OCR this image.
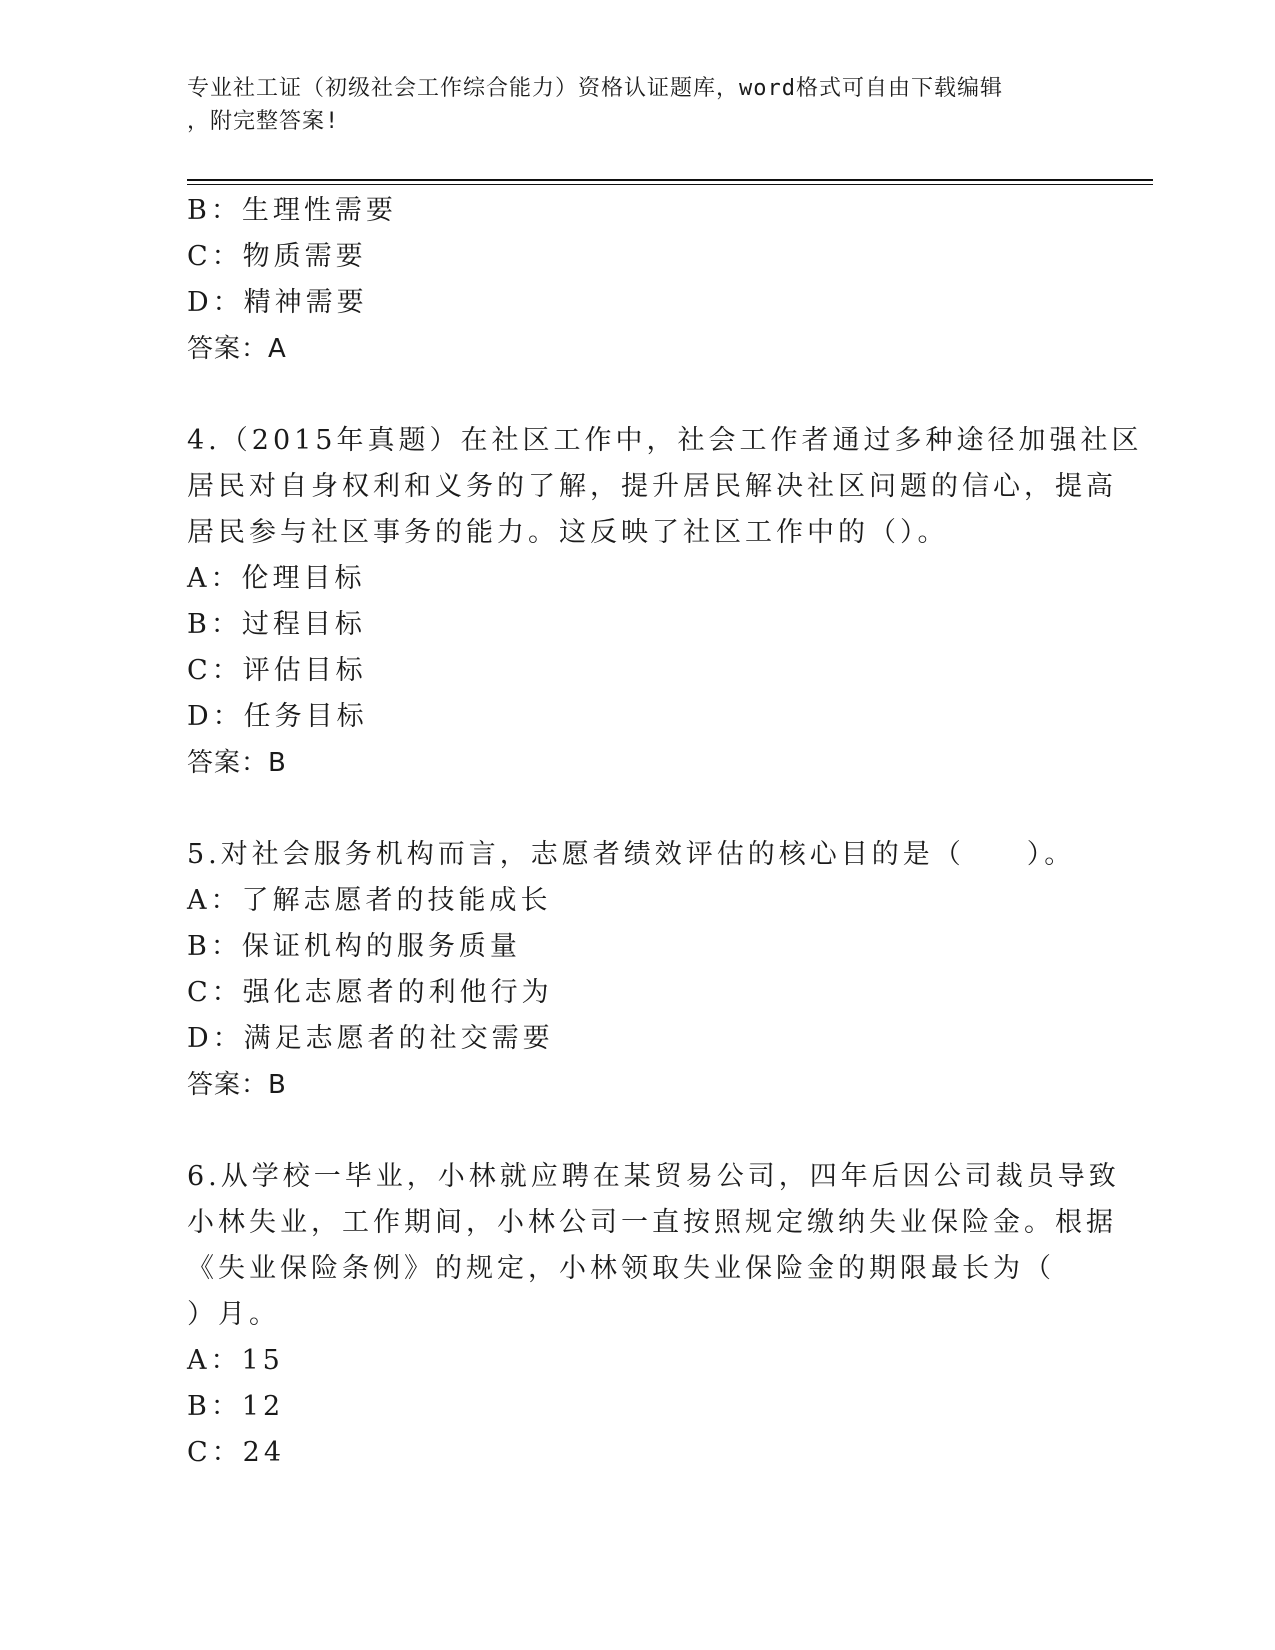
专业社工证（初级社会工作综合能力）资格认证题库，word格式可自由下载编辑
，附完整答案!
B：生理性需要
C：物质需要
D：精神需要
答案：A
4.（2015年真题）在社区工作中，社会工作者通过多种途径加强社区
居民对自身权利和义务的了解，提升居民解决社区问题的信心，提高
居民参与社区事务的能力。这反映了社区工作中的（）。
A：伦理目标
B：过程目标
C：评估目标
D：任务目标
答案：B
5.对社会服务机构而言，志愿者绩效评估的核心目的是（　　）。
A：了解志愿者的技能成长
B：保证机构的服务质量
C：强化志愿者的利他行为
D：满足志愿者的社交需要
答案：B
6.从学校一毕业，小林就应聘在某贸易公司，四年后因公司裁员导致
小林失业，工作期间，小林公司一直按照规定缴纳失业保险金。根据
《失业保险条例》的规定，小林领取失业保险金的期限最长为（
）月。
A：15
B：12
C：24
